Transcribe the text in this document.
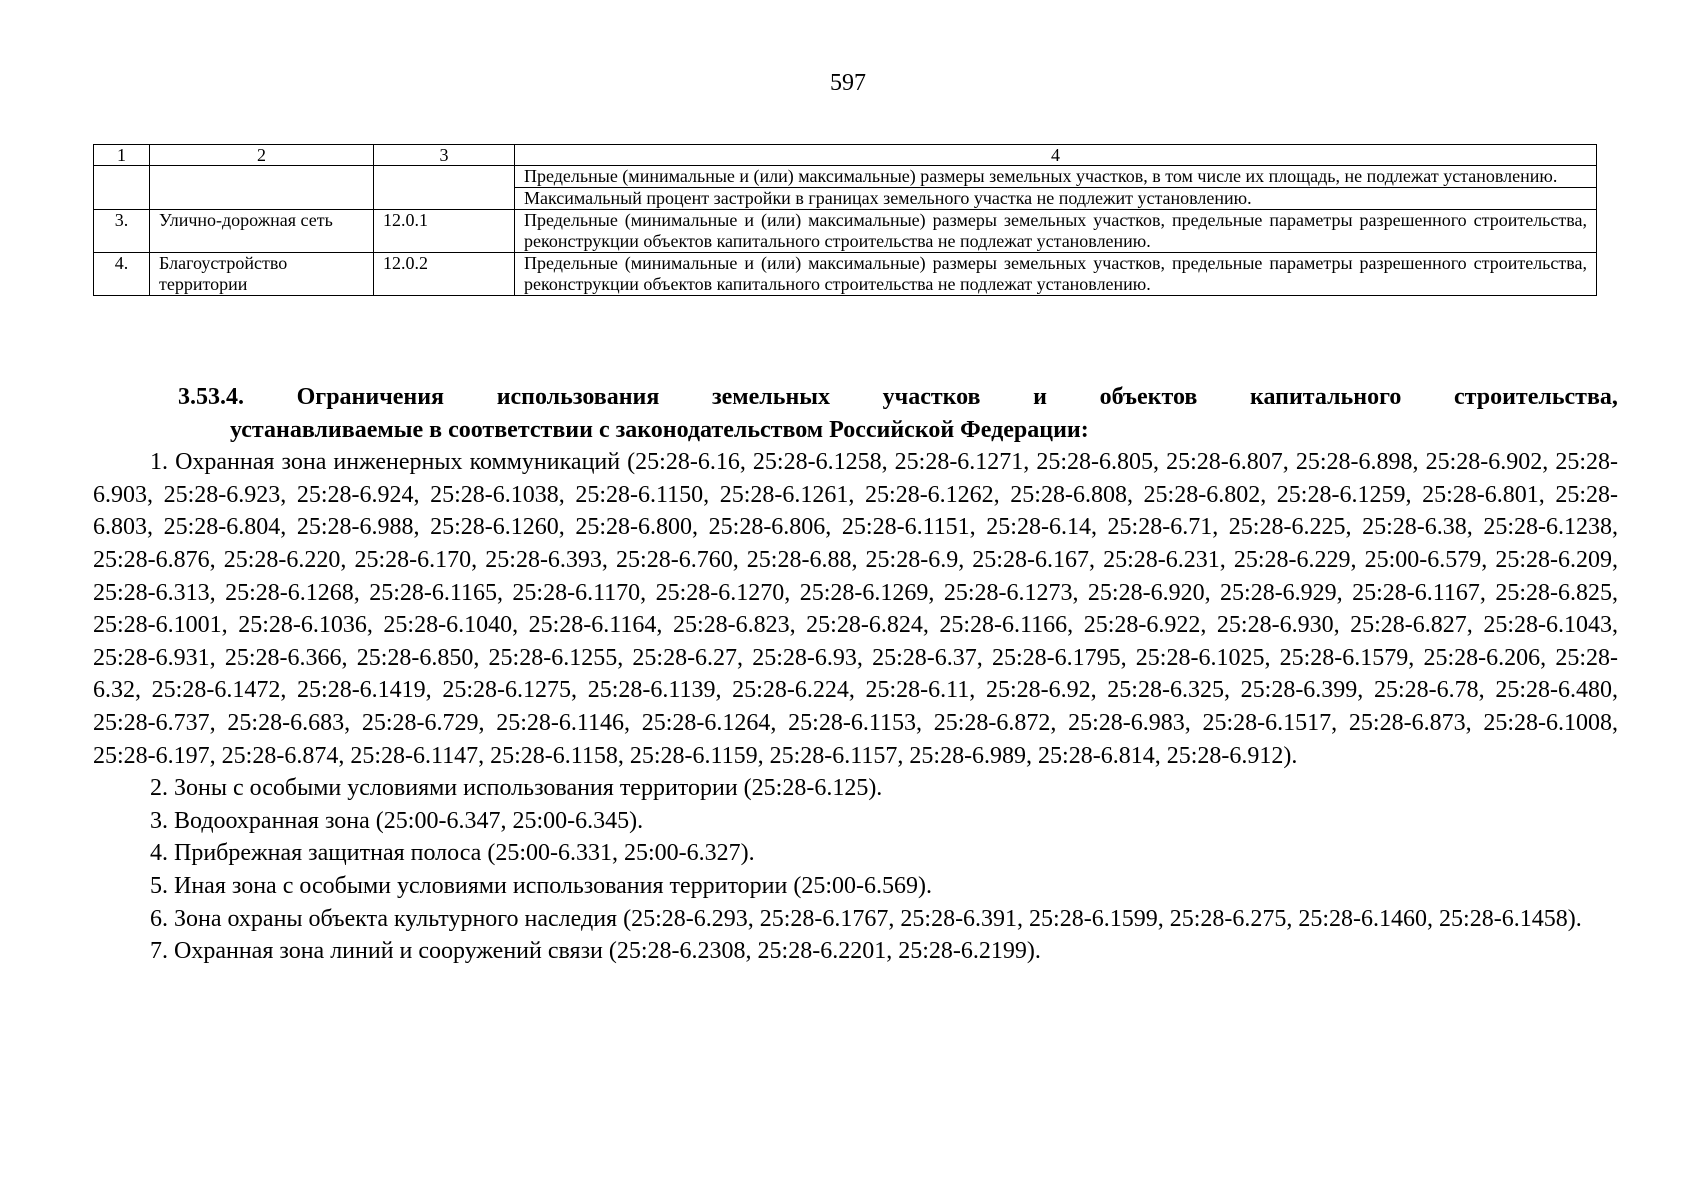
597
1	2	3	4
			Предельные (минимальные и (или) максимальные) размеры земельных участков, в том числе их площадь, не подлежат установлению.
			Максимальный процент застройки в границах земельного участка не подлежит установлению.
3.	Улично-дорожная сеть	12.0.1	Предельные (минимальные и (или) максимальные) размеры земельных участков, предельные параметры разрешенного строительства, реконструкции объектов капитального строительства не подлежат установлению.
4.	Благоустройство территории	12.0.2	Предельные (минимальные и (или) максимальные) размеры земельных участков, предельные параметры разрешенного строительства, реконструкции объектов капитального строительства не подлежат установлению.
3.53.4. Ограничения использования земельных участков и объектов капитального строительства,
устанавливаемые в соответствии с законодательством Российской Федерации:

1. Охранная зона инженерных коммуникаций (25:28-6.16, 25:28-6.1258, 25:28-6.1271, 25:28-6.805, 25:28-6.807, 25:28-6.898, 25:28-6.902, 25:28-6.903, 25:28-6.923, 25:28-6.924, 25:28-6.1038, 25:28-6.1150, 25:28-6.1261, 25:28-6.1262, 25:28-6.808, 25:28-6.802, 25:28-6.1259, 25:28-6.801, 25:28-6.803, 25:28-6.804, 25:28-6.988, 25:28-6.1260, 25:28-6.800, 25:28-6.806, 25:28-6.1151, 25:28-6.14, 25:28-6.71, 25:28-6.225, 25:28-6.38, 25:28-6.1238, 25:28-6.876, 25:28-6.220, 25:28-6.170, 25:28-6.393, 25:28-6.760, 25:28-6.88, 25:28-6.9, 25:28-6.167, 25:28-6.231, 25:28-6.229, 25:00-6.579, 25:28-6.209, 25:28-6.313, 25:28-6.1268, 25:28-6.1165, 25:28-6.1170, 25:28-6.1270, 25:28-6.1269, 25:28-6.1273, 25:28-6.920, 25:28-6.929, 25:28-6.1167, 25:28-6.825, 25:28-6.1001, 25:28-6.1036, 25:28-6.1040, 25:28-6.1164, 25:28-6.823, 25:28-6.824, 25:28-6.1166, 25:28-6.922, 25:28-6.930, 25:28-6.827, 25:28-6.1043, 25:28-6.931, 25:28-6.366, 25:28-6.850, 25:28-6.1255, 25:28-6.27, 25:28-6.93, 25:28-6.37, 25:28-6.1795, 25:28-6.1025, 25:28-6.1579, 25:28-6.206, 25:28-6.32, 25:28-6.1472, 25:28-6.1419, 25:28-6.1275, 25:28-6.1139, 25:28-6.224, 25:28-6.11, 25:28-6.92, 25:28-6.325, 25:28-6.399, 25:28-6.78, 25:28-6.480, 25:28-6.737, 25:28-6.683, 25:28-6.729, 25:28-6.1146, 25:28-6.1264, 25:28-6.1153, 25:28-6.872, 25:28-6.983, 25:28-6.1517, 25:28-6.873, 25:28-6.1008, 25:28-6.197, 25:28-6.874, 25:28-6.1147, 25:28-6.1158, 25:28-6.1159, 25:28-6.1157, 25:28-6.989, 25:28-6.814, 25:28-6.912).

2. Зоны с особыми условиями использования территории (25:28-6.125).

3. Водоохранная зона (25:00-6.347, 25:00-6.345).

4. Прибрежная защитная полоса (25:00-6.331, 25:00-6.327).

5. Иная зона с особыми условиями использования территории (25:00-6.569).

6. Зона охраны объекта культурного наследия (25:28-6.293, 25:28-6.1767, 25:28-6.391, 25:28-6.1599, 25:28-6.275, 25:28-6.1460, 25:28-6.1458).

7. Охранная зона линий и сооружений связи (25:28-6.2308, 25:28-6.2201, 25:28-6.2199).
